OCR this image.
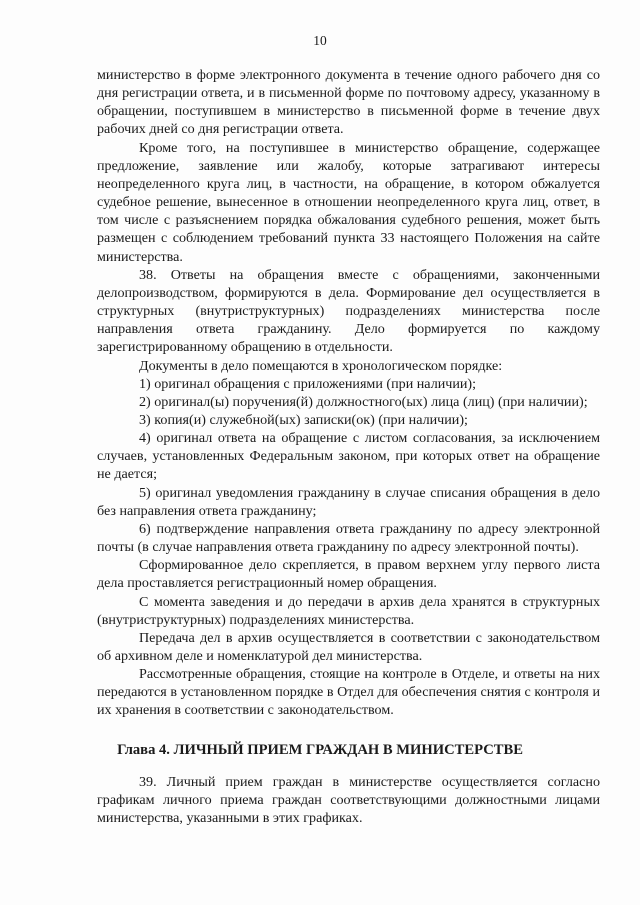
10

министерство в форме электронного документа в течение одного рабочего дня со дня регистрации ответа, и в письменной форме по почтовому адресу, указанному в обращении, поступившем в министерство в письменной форме в течение двух рабочих дней со дня регистрации ответа.

Кроме того, на поступившее в министерство обращение, содержащее предложение, заявление или жалобу, которые затрагивают интересы неопределенного круга лиц, в частности, на обращение, в котором обжалуется судебное решение, вынесенное в отношении неопределенного круга лиц, ответ, в том числе с разъяснением порядка обжалования судебного решения, может быть размещен с соблюдением требований пункта 33 настоящего Положения на сайте министерства.

38. Ответы на обращения вместе с обращениями, законченными делопроизводством, формируются в дела. Формирование дел осуществляется в структурных (внутриструктурных) подразделениях министерства после направления ответа гражданину. Дело формируется по каждому зарегистрированному обращению в отдельности.

Документы в дело помещаются в хронологическом порядке:

1) оригинал обращения с приложениями (при наличии);

2) оригинал(ы) поручения(й) должностного(ых) лица (лиц) (при наличии);

3) копия(и) служебной(ых) записки(ок) (при наличии);

4) оригинал ответа на обращение с листом согласования, за исключением случаев, установленных Федеральным законом, при которых ответ на обращение не дается;

5) оригинал уведомления гражданину в случае списания обращения в дело без направления ответа гражданину;

6) подтверждение направления ответа гражданину по адресу электронной почты (в случае направления ответа гражданину по адресу электронной почты).

Сформированное дело скрепляется, в правом верхнем углу первого листа дела проставляется регистрационный номер обращения.

С момента заведения и до передачи в архив дела хранятся в структурных (внутриструктурных) подразделениях министерства.

Передача дел в архив осуществляется в соответствии с законодательством об архивном деле и номенклатурой дел министерства.

Рассмотренные обращения, стоящие на контроле в Отделе, и ответы на них передаются в установленном порядке в Отдел для обеспечения снятия с контроля и их хранения в соответствии с законодательством.

Глава 4. ЛИЧНЫЙ ПРИЕМ ГРАЖДАН В МИНИСТЕРСТВЕ

39. Личный прием граждан в министерстве осуществляется согласно графикам личного приема граждан соответствующими должностными лицами министерства, указанными в этих графиках.
